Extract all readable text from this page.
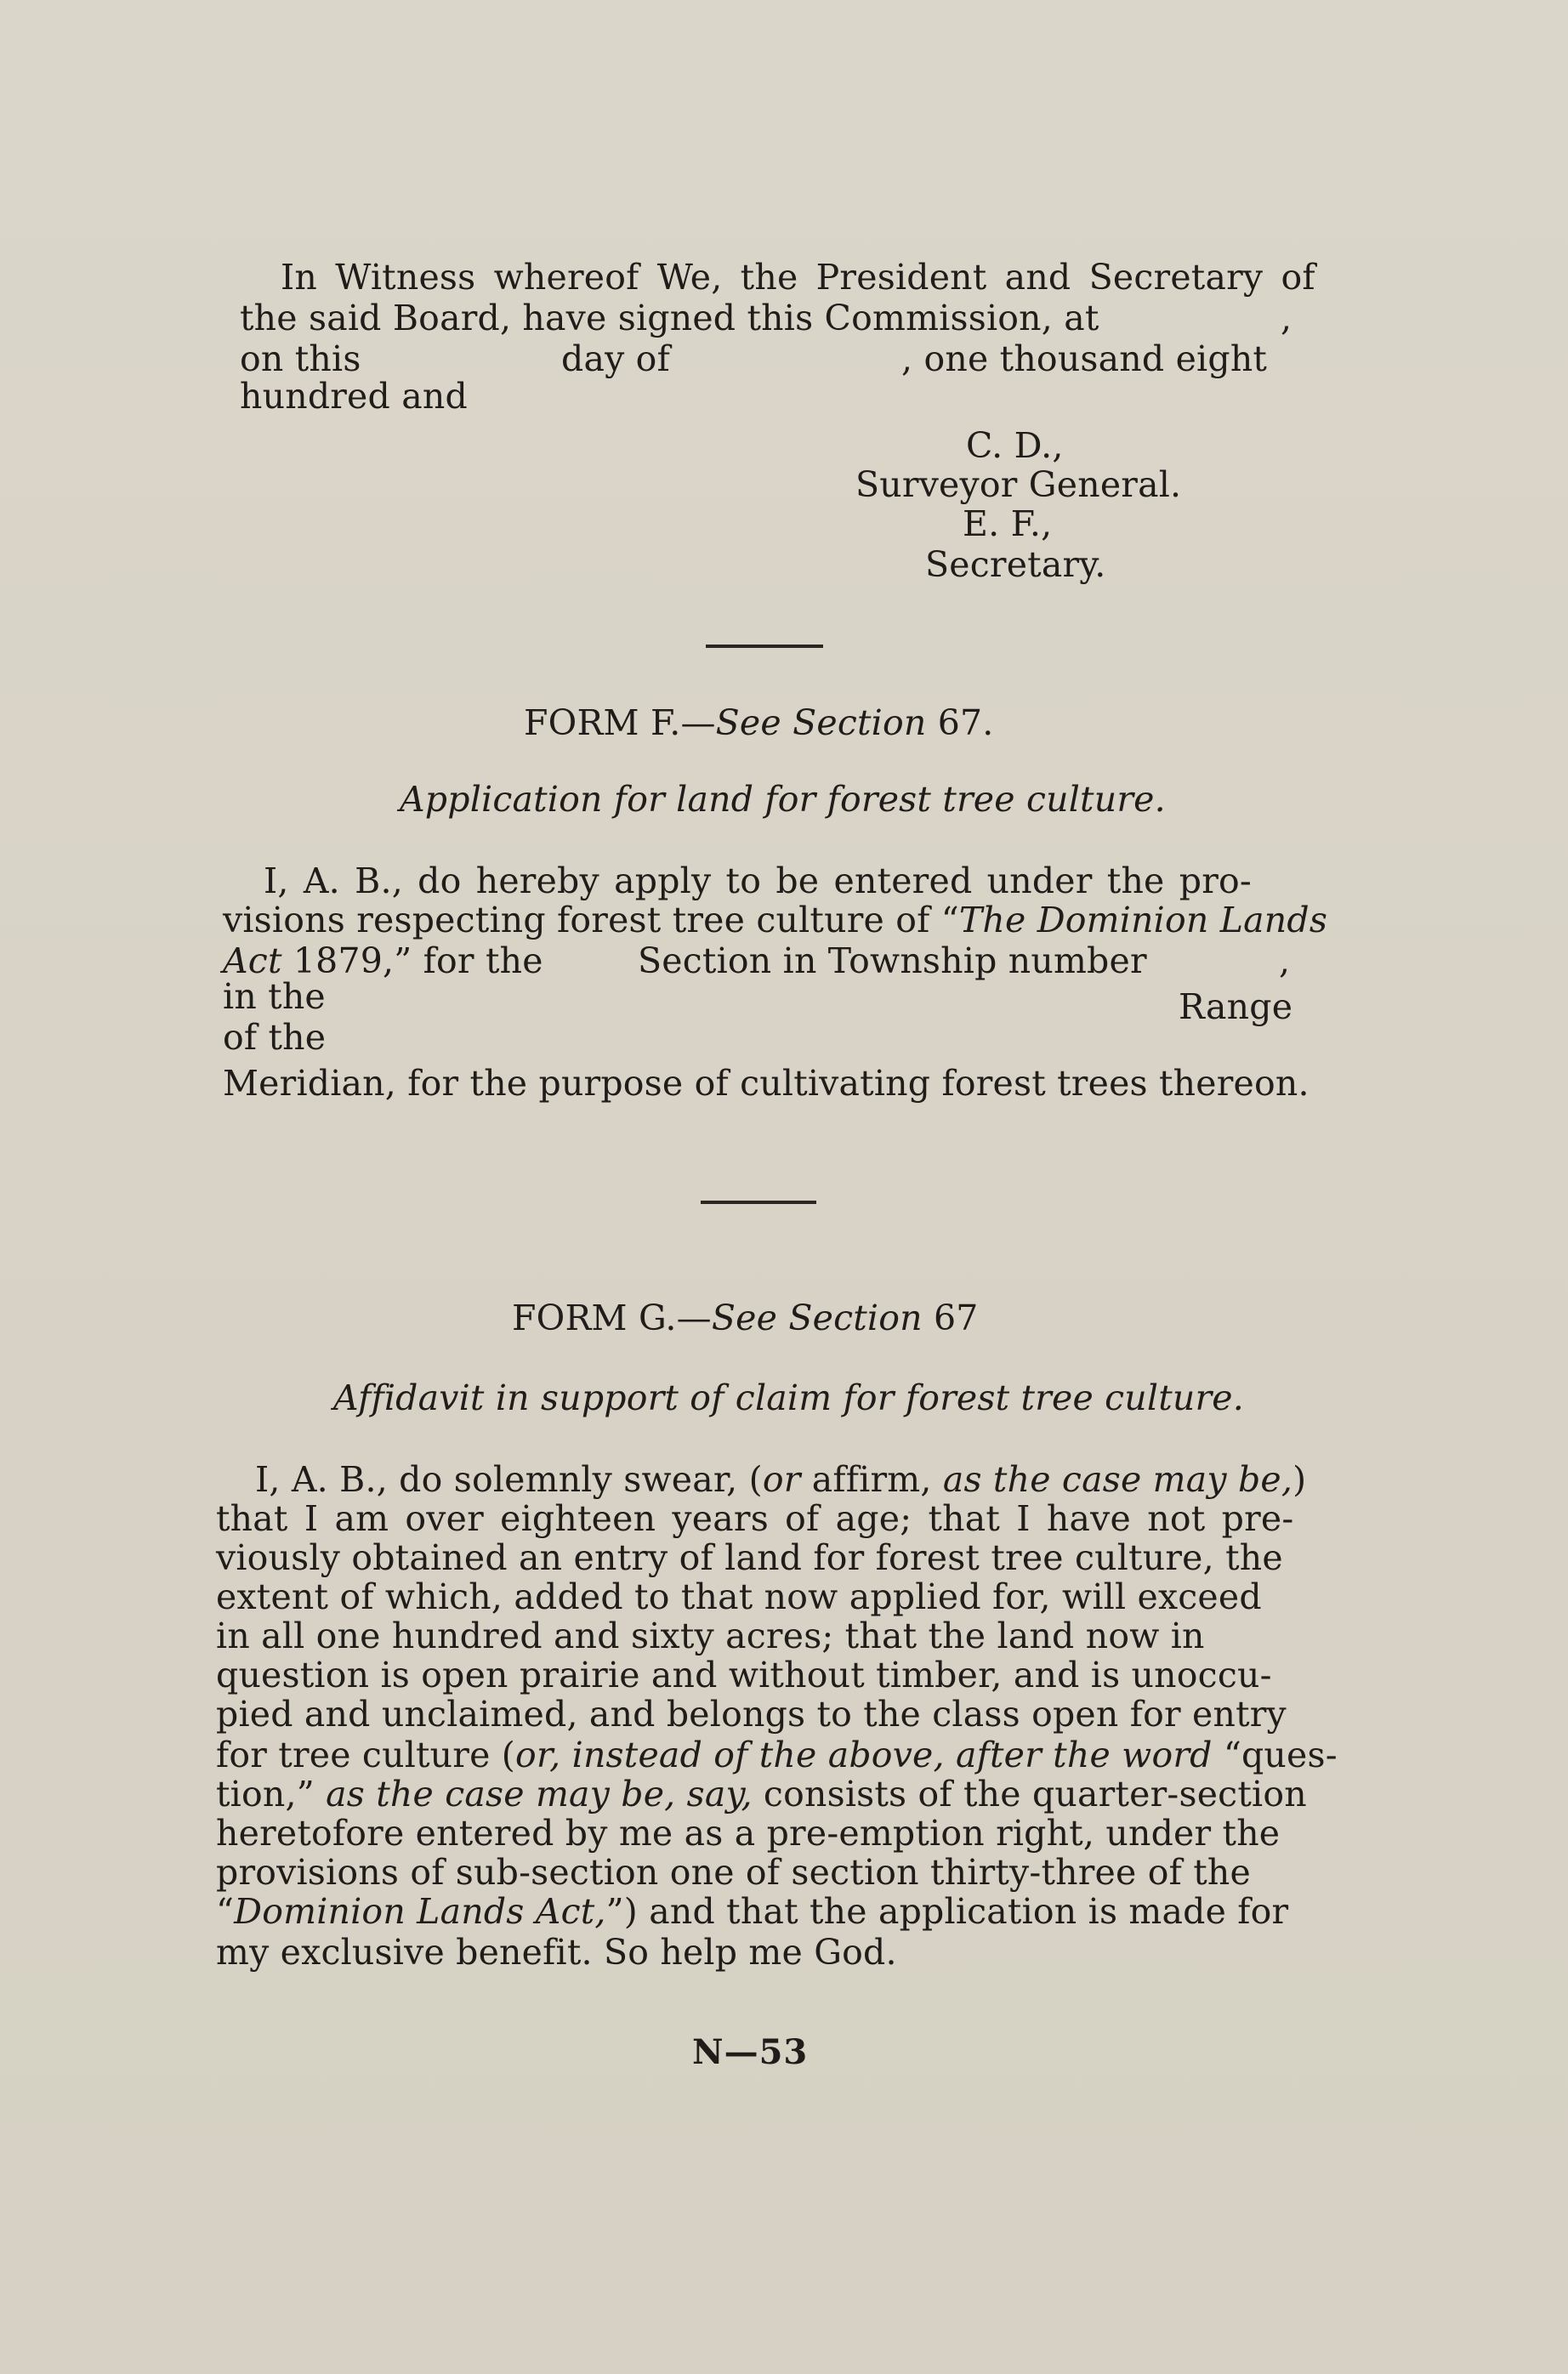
In Witness whereof We, the President and Secretary of
the said Board, have signed this Commission, at	,
on this	day of	, one thousand eight
hundred and
C. D.,
Surveyor General.
E. F.,
Secretary.
FORM F.—See Section 67.
Application for land for forest tree culture.
I, A. B., do hereby apply to be entered under the pro-
visions respecting forest tree culture of “The Dominion Lands
Act 1879,” for the	Section in Township number	,
in the	Range
of the
Meridian, for the purpose of cultivating forest trees thereon.
FORM G.—See Section 67
Affidavit in support of claim for forest tree culture.
I, A. B., do solemnly swear, (or affirm, as the case may be,)
that I am over eighteen years of age; that I have not pre-
viously obtained an entry of land for forest tree culture, the
extent of which, added to that now applied for, will exceed
in all one hundred and sixty acres; that the land now in
question is open prairie and without timber, and is unoccu-
pied and unclaimed, and belongs to the class open for entry
for tree culture (or, instead of the above, after the word “ques-
tion,” as the case may be, say, consists of the quarter-section
heretofore entered by me as a pre-emption right, under the
provisions of sub-section one of section thirty-three of the
“Dominion Lands Act,”) and that the application is made for
my exclusive benefit. So help me God.
N—53
